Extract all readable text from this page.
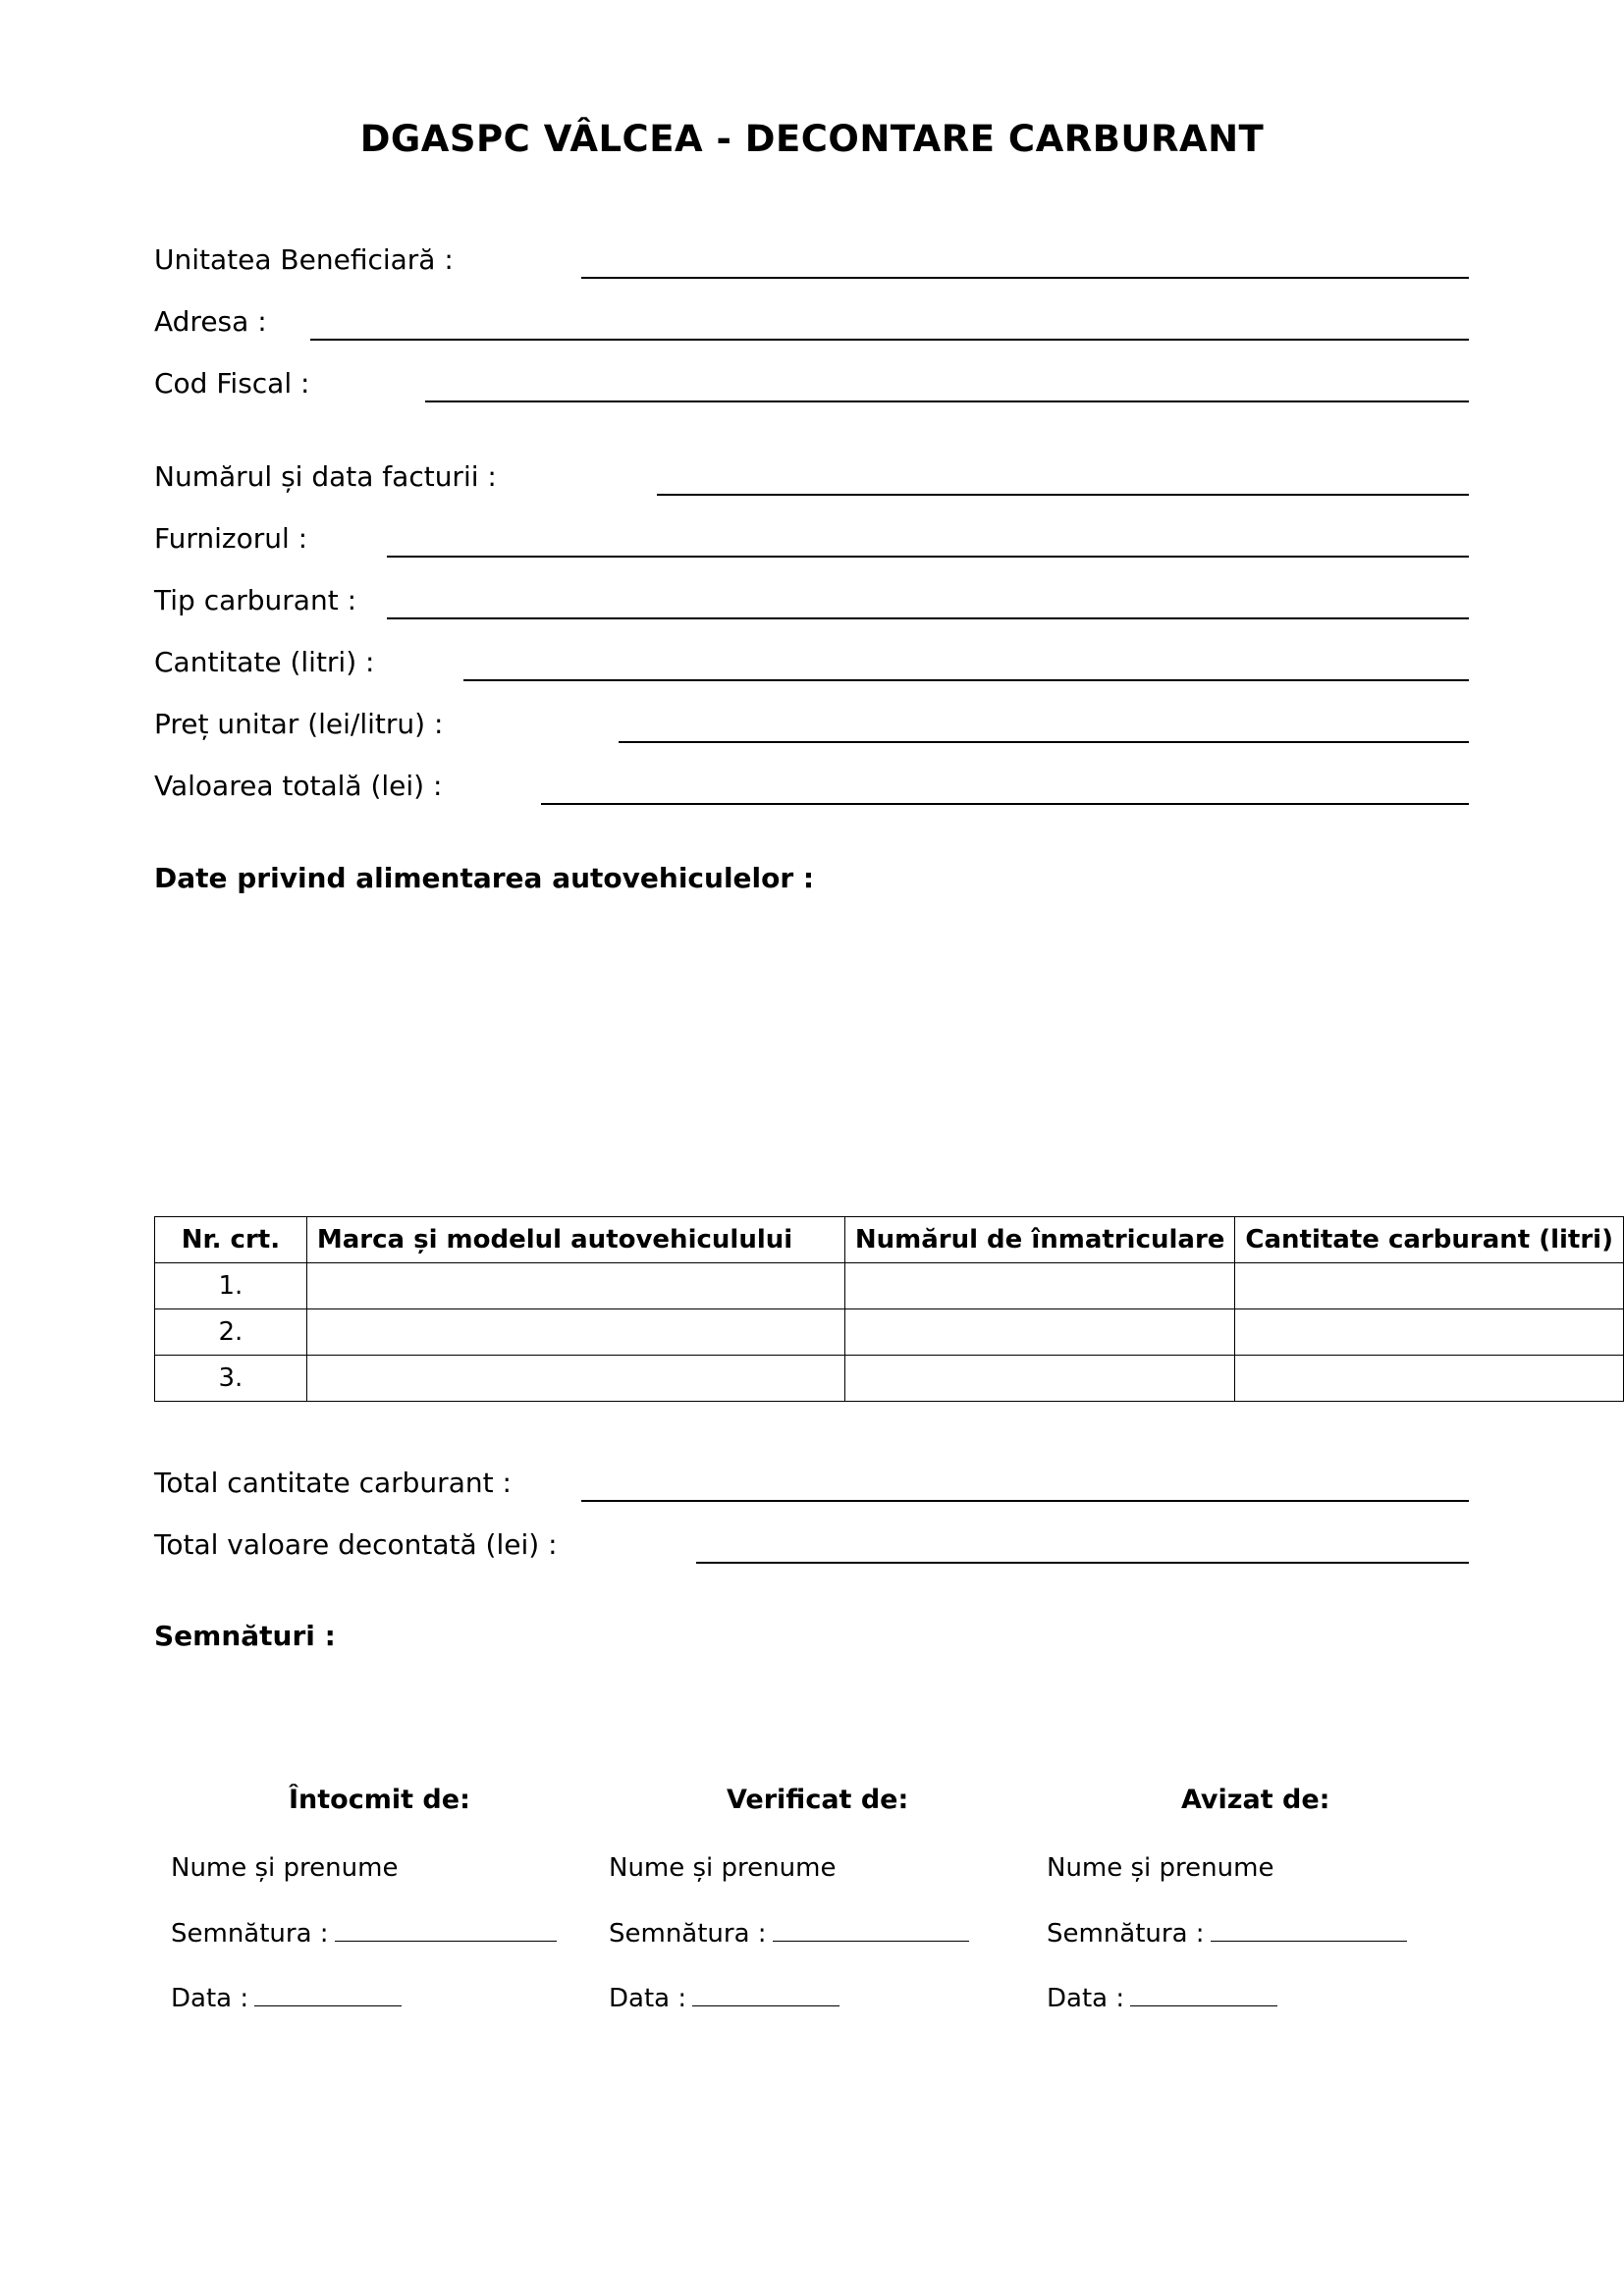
DGASPC VÂLCEA - DECONTARE CARBURANT
Unitatea Beneficiară :
Adresa :
Cod Fiscal :
Numărul și data facturii :
Furnizorul :
Tip carburant :
Cantitate (litri) :
Preț unitar (lei/litru) :
Valoarea totală (lei) :
Date privind alimentarea autovehiculelor :
Nr. crt.	Marca și modelul autovehiculului	Numărul de înmatriculare	Cantitate carburant (litri)
1.			
2.			
3.			
Total cantitate carburant :
Total valoare decontată (lei) :
Semnături :
Întocmit de:
Nume și prenume
Semnătura :
Data :
Verificat de:
Nume și prenume
Semnătura :
Data :
Avizat de:
Nume și prenume
Semnătura :
Data :
